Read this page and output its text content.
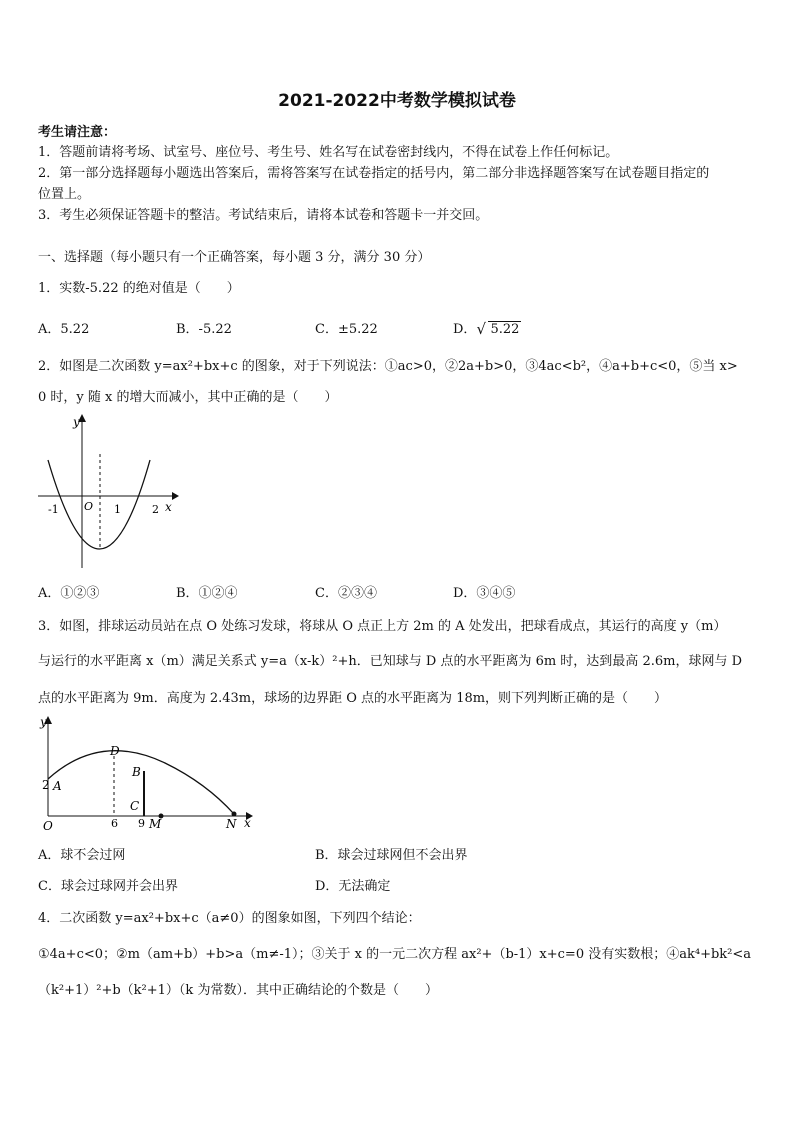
2021-2022中考数学模拟试卷
考生请注意：
1．答题前请将考场、试室号、座位号、考生号、姓名写在试卷密封线内，不得在试卷上作任何标记。
2．第一部分选择题每小题选出答案后，需将答案写在试卷指定的括号内，第二部分非选择题答案写在试卷题目指定的
位置上。
3．考生必须保证答题卡的整洁。考试结束后，请将本试卷和答题卡一并交回。
一、选择题（每小题只有一个正确答案，每小题 3 分，满分 30 分）
1．实数-5.22 的绝对值是（　　）
A．5.22	B．-5.22	C．±5.22	D． √ 5.22
2．如图是二次函数 y=ax²+bx+c 的图象，对于下列说法：①ac>0，②2a+b>0，③4ac<b²，④a+b+c<0，⑤当 x>
0 时，y 随 x 的增大而减小，其中正确的是（　　）
y
x
O
-1	1	2
A．①②③	B．①②④	C．②③④	D．③④⑤
3．如图，排球运动员站在点 O 处练习发球，将球从 O 点正上方 2m 的 A 处发出，把球看成点，其运行的高度 y（m）
与运行的水平距离 x（m）满足关系式 y=a（x-k）²+h．已知球与 D 点的水平距离为 6m 时，达到最高 2.6m，球网与 D
点的水平距离为 9m．高度为 2.43m，球场的边界距 O 点的水平距离为 18m，则下列判断正确的是（　　）
y
x
O
2 A
D
B
C
6 9 M	N
A．球不会过网	B．球会过球网但不会出界
C．球会过球网并会出界	D．无法确定
4．二次函数 y=ax²+bx+c（a≠0）的图象如图，下列四个结论：
①4a+c<0；②m（am+b）+b>a（m≠-1）；③关于 x 的一元二次方程 ax²+（b-1）x+c=0 没有实数根；④ak⁴+bk²<a
（k²+1）²+b（k²+1）（k 为常数）．其中正确结论的个数是（　　）
